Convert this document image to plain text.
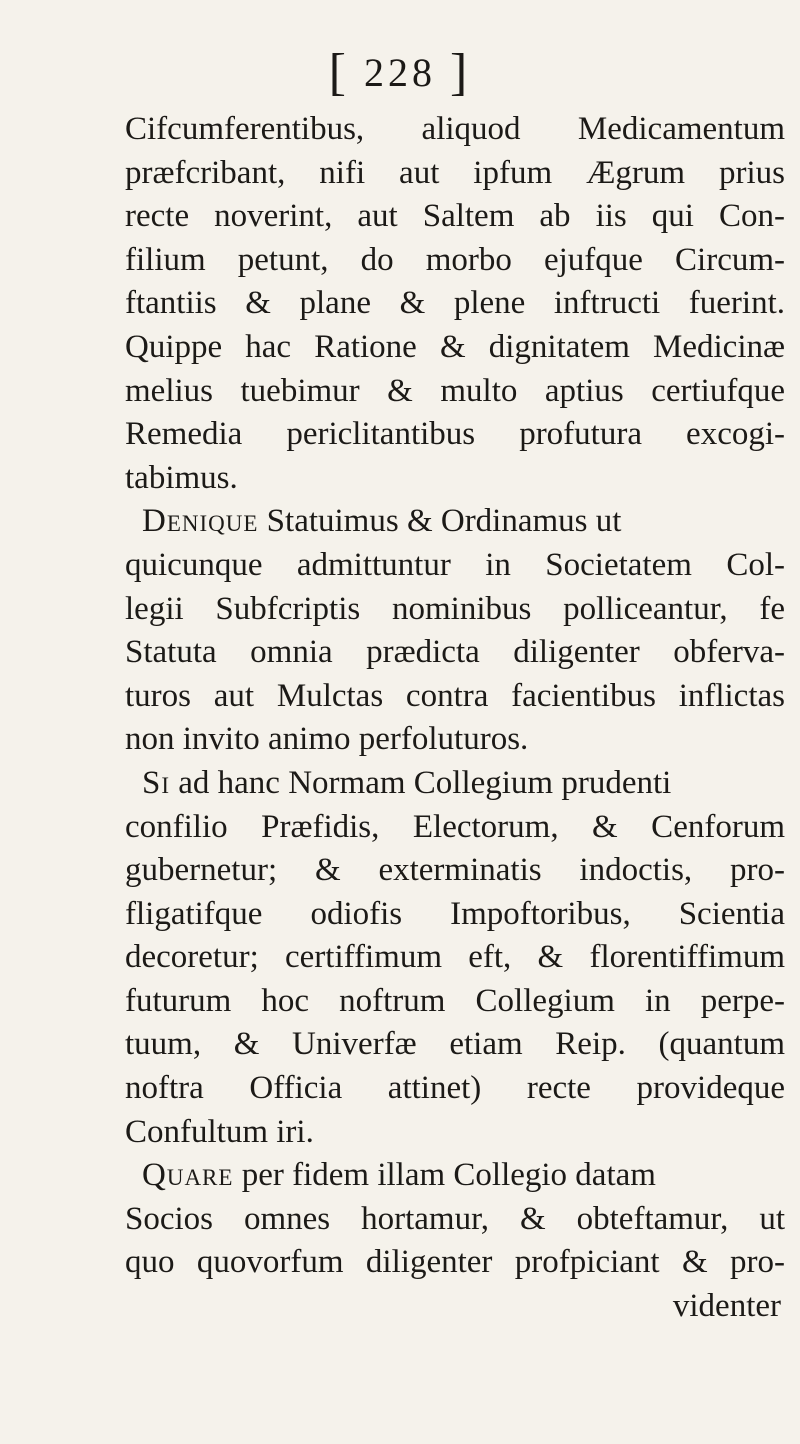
[ 228 ]
Cifcumferentibus, aliquod Medicamentum
præfcribant, nifi aut ipfum Ægrum prius
recte noverint, aut Saltem ab iis qui Con-
filium petunt, do morbo ejufque Circum-
ftantiis & plane & plene inftructi fuerint.
Quippe hac Ratione & dignitatem Medicinæ
melius tuebimur & multo aptius certiufque
Remedia periclitantibus profutura excogi-
tabimus.
Denique Statuimus & Ordinamus ut
quicunque admittuntur in Societatem Col-
legii Subfcriptis nominibus polliceantur, fe
Statuta omnia prædicta diligenter obferva-
turos aut Mulctas contra facientibus inflictas
non invito animo perfoluturos.
Si ad hanc Normam Collegium prudenti
confilio Præfidis, Electorum, & Cenforum
gubernetur; & exterminatis indoctis, pro-
fligatifque odiofis Impoftoribus, Scientia
decoretur; certiffimum eft, & florentiffimum
futurum hoc noftrum Collegium in perpe-
tuum, & Univerfæ etiam Reip. (quantum
noftra Officia attinet) recte provideque
Confultum iri.
Quare per fidem illam Collegio datam
Socios omnes hortamur, & obteftamur, ut
quo quovorfum diligenter profpiciant & pro-
videnter
